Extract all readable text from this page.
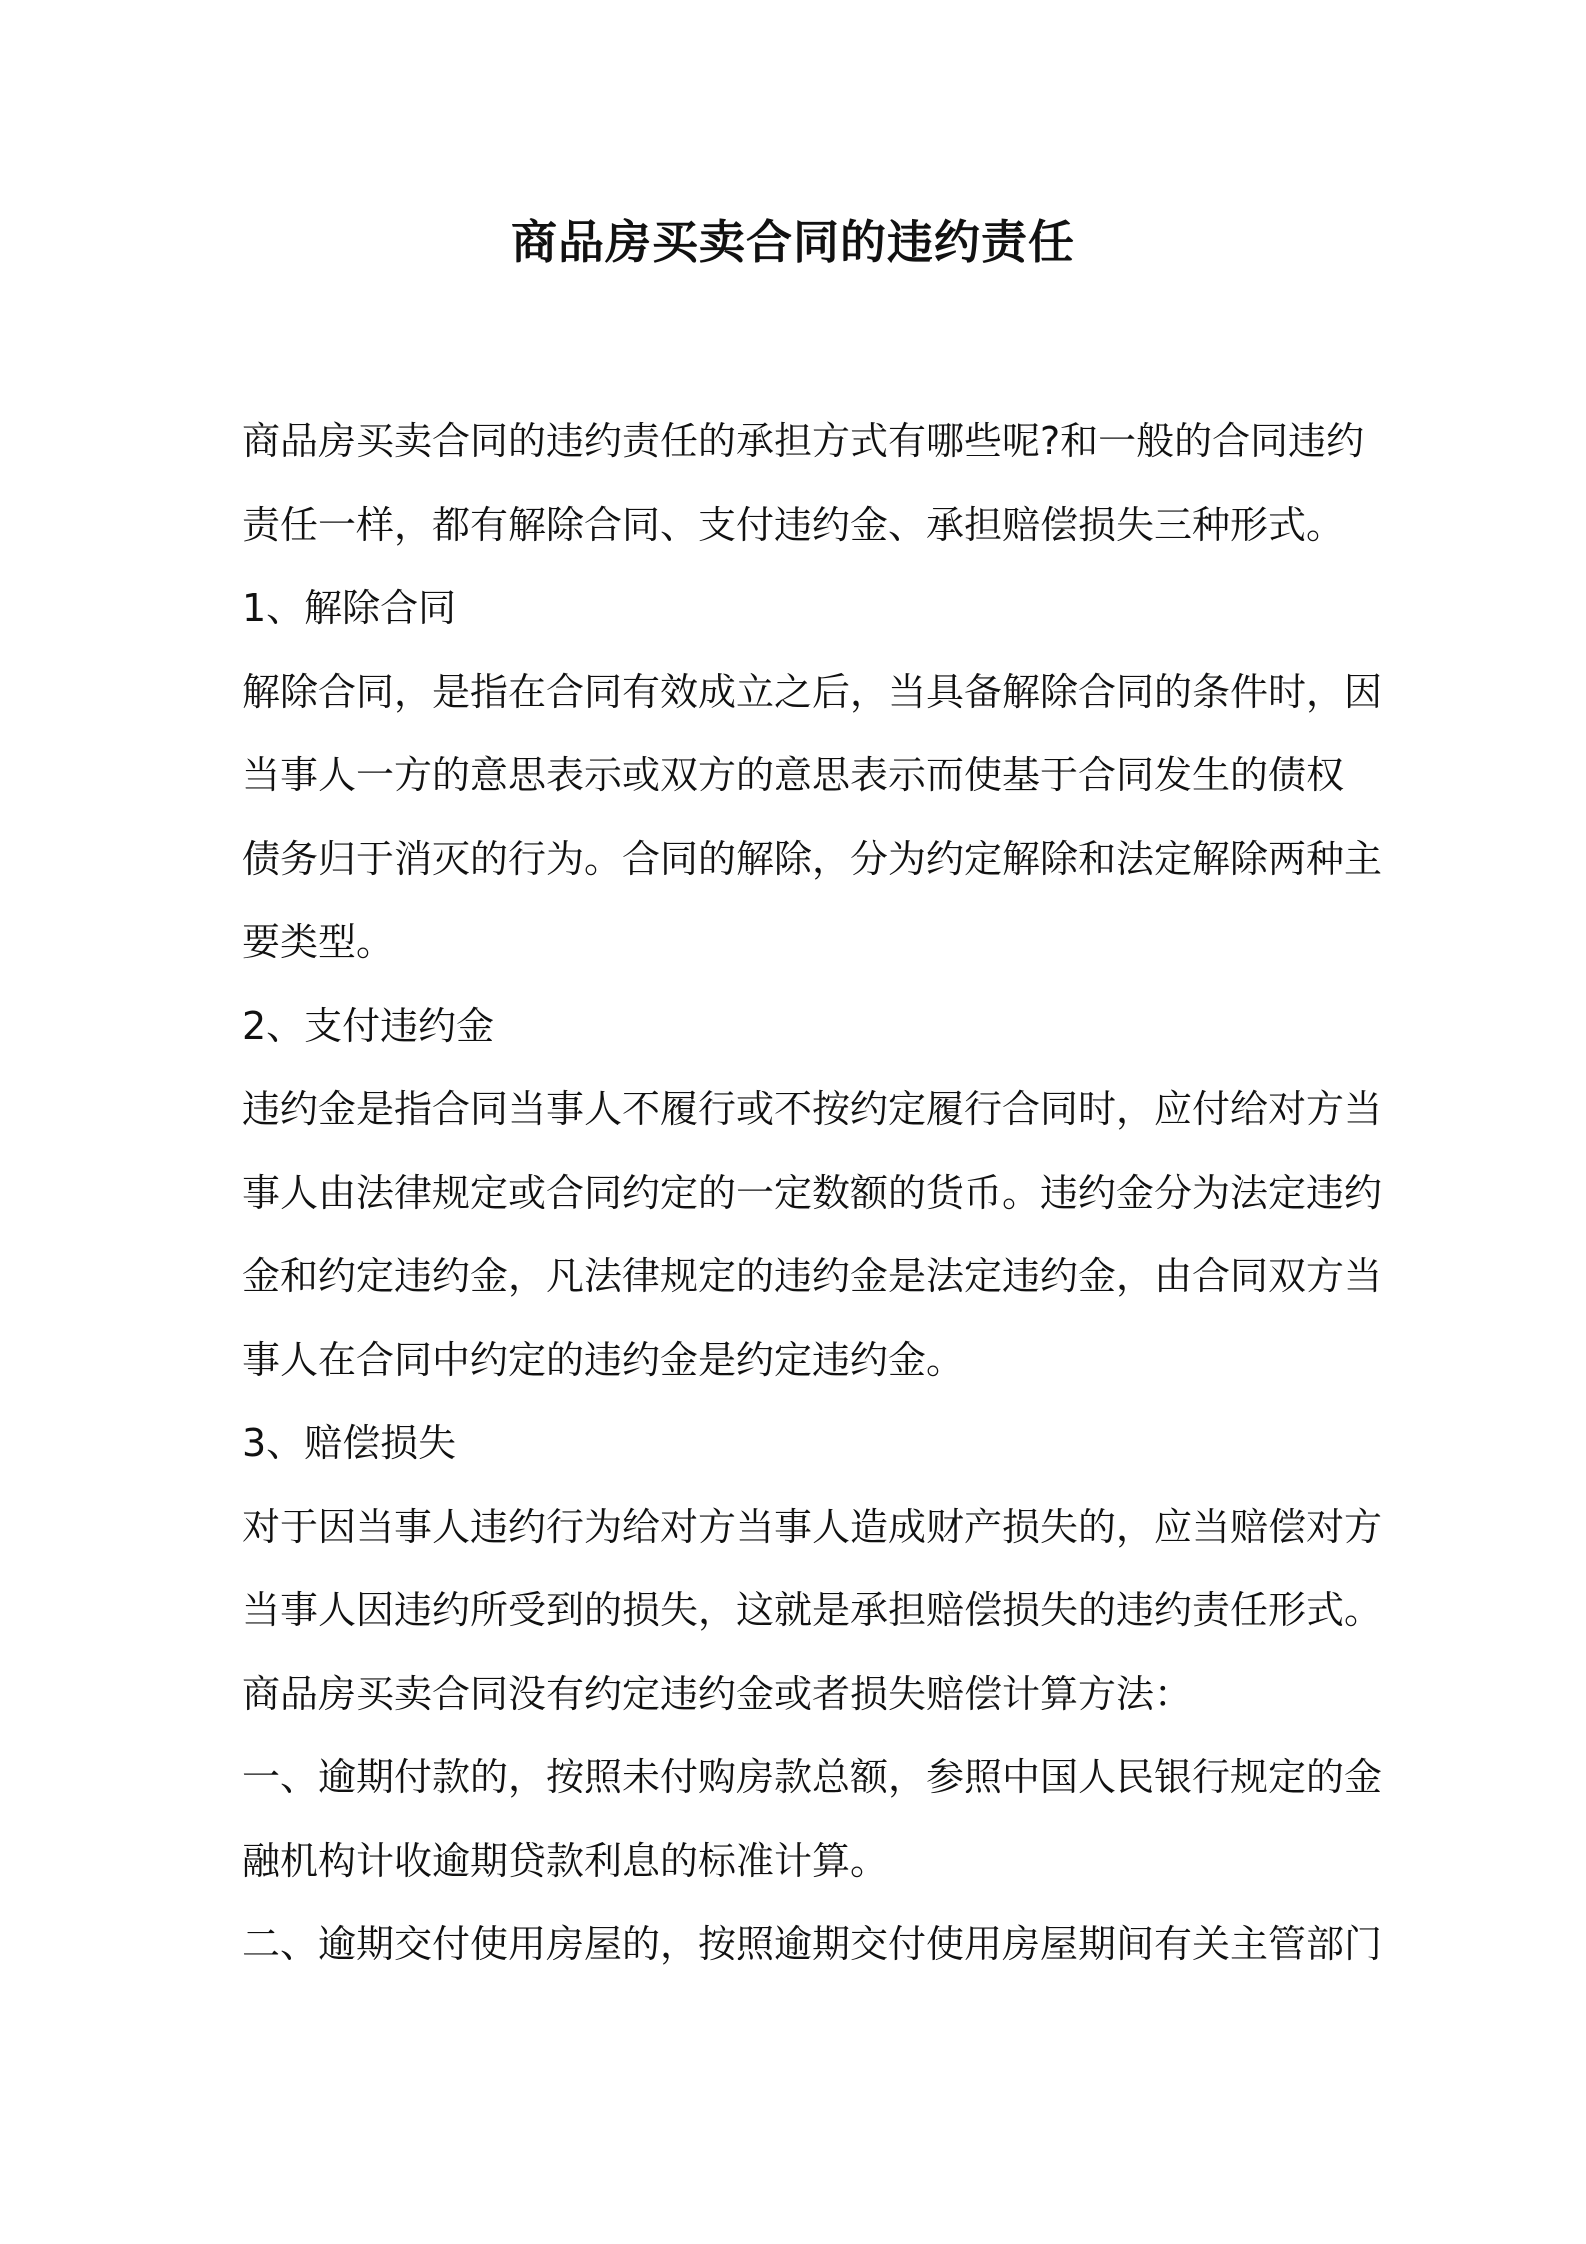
商品房买卖合同的违约责任
商品房买卖合同的违约责任的承担方式有哪些呢?和一般的合同违约
责任一样，都有解除合同、支付违约金、承担赔偿损失三种形式。
1、解除合同
解除合同，是指在合同有效成立之后，当具备解除合同的条件时，因
当事人一方的意思表示或双方的意思表示而使基于合同发生的债权
债务归于消灭的行为。合同的解除，分为约定解除和法定解除两种主
要类型。
2、支付违约金
违约金是指合同当事人不履行或不按约定履行合同时，应付给对方当
事人由法律规定或合同约定的一定数额的货币。违约金分为法定违约
金和约定违约金，凡法律规定的违约金是法定违约金，由合同双方当
事人在合同中约定的违约金是约定违约金。
3、赔偿损失
对于因当事人违约行为给对方当事人造成财产损失的，应当赔偿对方
当事人因违约所受到的损失，这就是承担赔偿损失的违约责任形式。
商品房买卖合同没有约定违约金或者损失赔偿计算方法：
一、逾期付款的，按照未付购房款总额，参照中国人民银行规定的金
融机构计收逾期贷款利息的标准计算。
二、逾期交付使用房屋的，按照逾期交付使用房屋期间有关主管部门
